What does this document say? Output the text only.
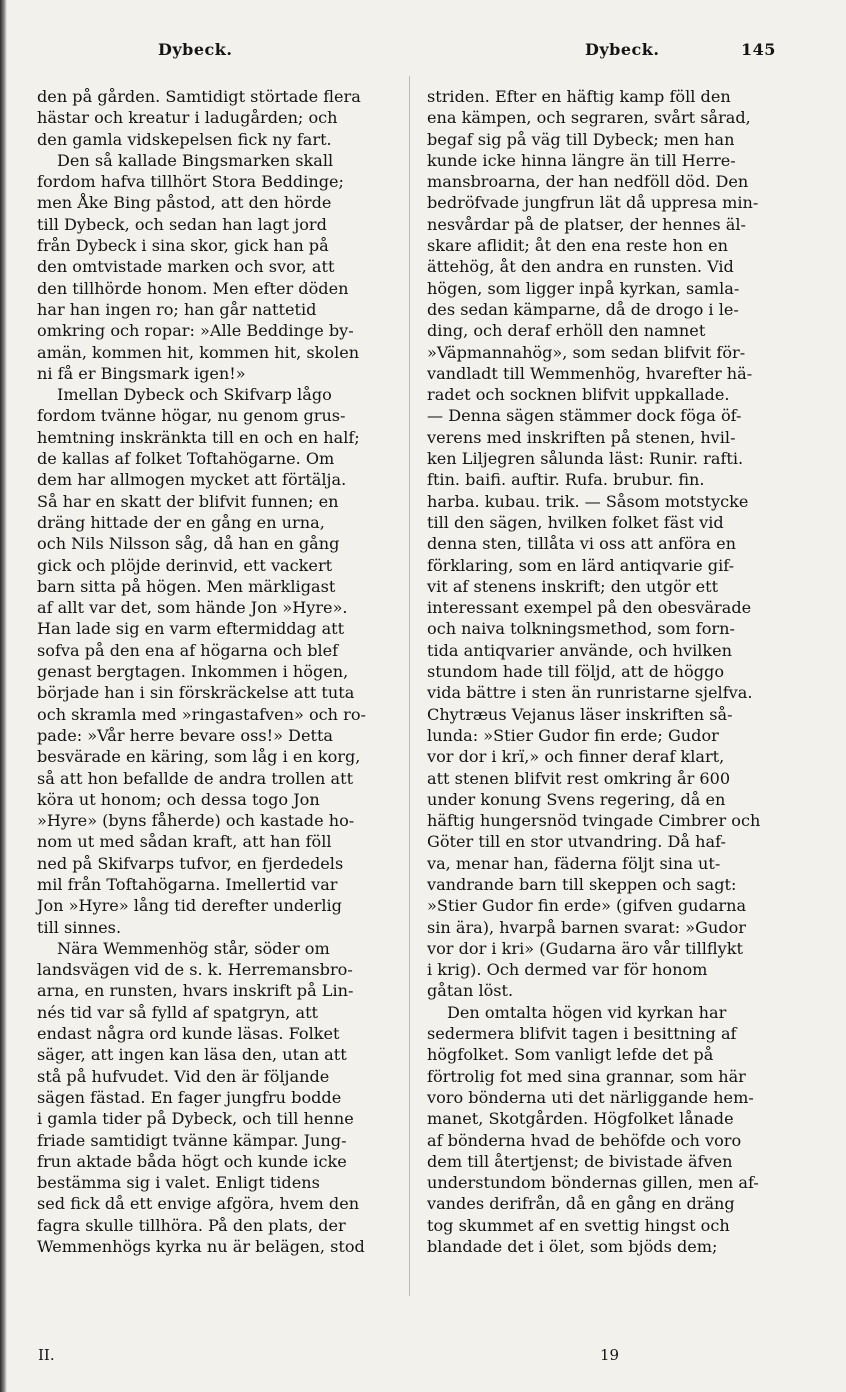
Dybeck.	Dybeck.	145
den på gården. Samtidigt störtade flera
hästar och kreatur i ladugården; och
den gamla vidskepelsen fick ny fart.
Den så kallade Bingsmarken skall
fordom hafva tillhört Stora Beddinge;
men Åke Bing påstod, att den hörde
till Dybeck, och sedan han lagt jord
från Dybeck i sina skor, gick han på
den omtvistade marken och svor, att
den tillhörde honom. Men efter döden
har han ingen ro; han går nattetid
omkring och ropar: »Alle Beddinge by-
amän, kommen hit, kommen hit, skolen
ni få er Bingsmark igen!»
Imellan Dybeck och Skifvarp lågo
fordom tvänne högar, nu genom grus-
hemtning inskränkta till en och en half;
de kallas af folket Toftahögarne. Om
dem har allmogen mycket att förtälja.
Så har en skatt der blifvit funnen; en
dräng hittade der en gång en urna,
och Nils Nilsson såg, då han en gång
gick och plöjde derinvid, ett vackert
barn sitta på högen. Men märkligast
af allt var det, som hände Jon »Hyre».
Han lade sig en varm eftermiddag att
sofva på den ena af högarna och blef
genast bergtagen. Inkommen i högen,
började han i sin förskräckelse att tuta
och skramla med »ringastafven» och ro-
pade: »Vår herre bevare oss!» Detta
besvärade en käring, som låg i en korg,
så att hon befallde de andra trollen att
köra ut honom; och dessa togo Jon
»Hyre» (byns fåherde) och kastade ho-
nom ut med sådan kraft, att han föll
ned på Skifvarps tufvor, en fjerdedels
mil från Toftahögarna. Imellertid var
Jon »Hyre» lång tid derefter underlig
till sinnes.
Nära Wemmenhög står, söder om
landsvägen vid de s. k. Herremansbro-
arna, en runsten, hvars inskrift på Lin-
nés tid var så fylld af spatgryn, att
endast några ord kunde läsas. Folket
säger, att ingen kan läsa den, utan att
stå på hufvudet. Vid den är följande
sägen fästad. En fager jungfru bodde
i gamla tider på Dybeck, och till henne
friade samtidigt tvänne kämpar. Jung-
frun aktade båda högt och kunde icke
bestämma sig i valet. Enligt tidens
sed fick då ett envige afgöra, hvem den
fagra skulle tillhöra. På den plats, der
Wemmenhögs kyrka nu är belägen, stod
striden. Efter en häftig kamp föll den
ena kämpen, och segraren, svårt sårad,
begaf sig på väg till Dybeck; men han
kunde icke hinna längre än till Herre-
mansbroarna, der han nedföll död. Den
bedröfvade jungfrun lät då uppresa min-
nesvårdar på de platser, der hennes äl-
skare aflidit; åt den ena reste hon en
ättehög, åt den andra en runsten. Vid
högen, som ligger inpå kyrkan, samla-
des sedan kämparne, då de drogo i le-
ding, och deraf erhöll den namnet
»Väpmannahög», som sedan blifvit för-
vandladt till Wemmenhög, hvarefter hä-
radet och socknen blifvit uppkallade.
— Denna sägen stämmer dock föga öf-
verens med inskriften på stenen, hvil-
ken Liljegren sålunda läst: Runir. rafti.
ftin. baifi. auftir. Rufa. brubur. fin.
harba. kubau. trik. — Såsom motstycke
till den sägen, hvilken folket fäst vid
denna sten, tillåta vi oss att anföra en
förklaring, som en lärd antiqvarie gif-
vit af stenens inskrift; den utgör ett
interessant exempel på den obesvärade
och naiva tolkningsmethod, som forn-
tida antiqvarier använde, och hvilken
stundom hade till följd, att de höggo
vida bättre i sten än runristarne sjelfva.
Chytræus Vejanus läser inskriften så-
lunda: »Stier Gudor fin erde; Gudor
vor dor i krï,» och finner deraf klart,
att stenen blifvit rest omkring år 600
under konung Svens regering, då en
häftig hungersnöd tvingade Cimbrer och
Göter till en stor utvandring. Då haf-
va, menar han, fäderna följt sina ut-
vandrande barn till skeppen och sagt:
»Stier Gudor fin erde» (gifven gudarna
sin ära), hvarpå barnen svarat: »Gudor
vor dor i kri» (Gudarna äro vår tillflykt
i krig). Och dermed var för honom
gåtan löst.
Den omtalta högen vid kyrkan har
sedermera blifvit tagen i besittning af
högfolket. Som vanligt lefde det på
förtrolig fot med sina grannar, som här
voro bönderna uti det närliggande hem-
manet, Skotgården. Högfolket lånade
af bönderna hvad de behöfde och voro
dem till återtjenst; de bivistade äfven
understundom böndernas gillen, men af-
vandes derifrån, då en gång en dräng
tog skummet af en svettig hingst och
blandade det i ölet, som bjöds dem;
II.	19
